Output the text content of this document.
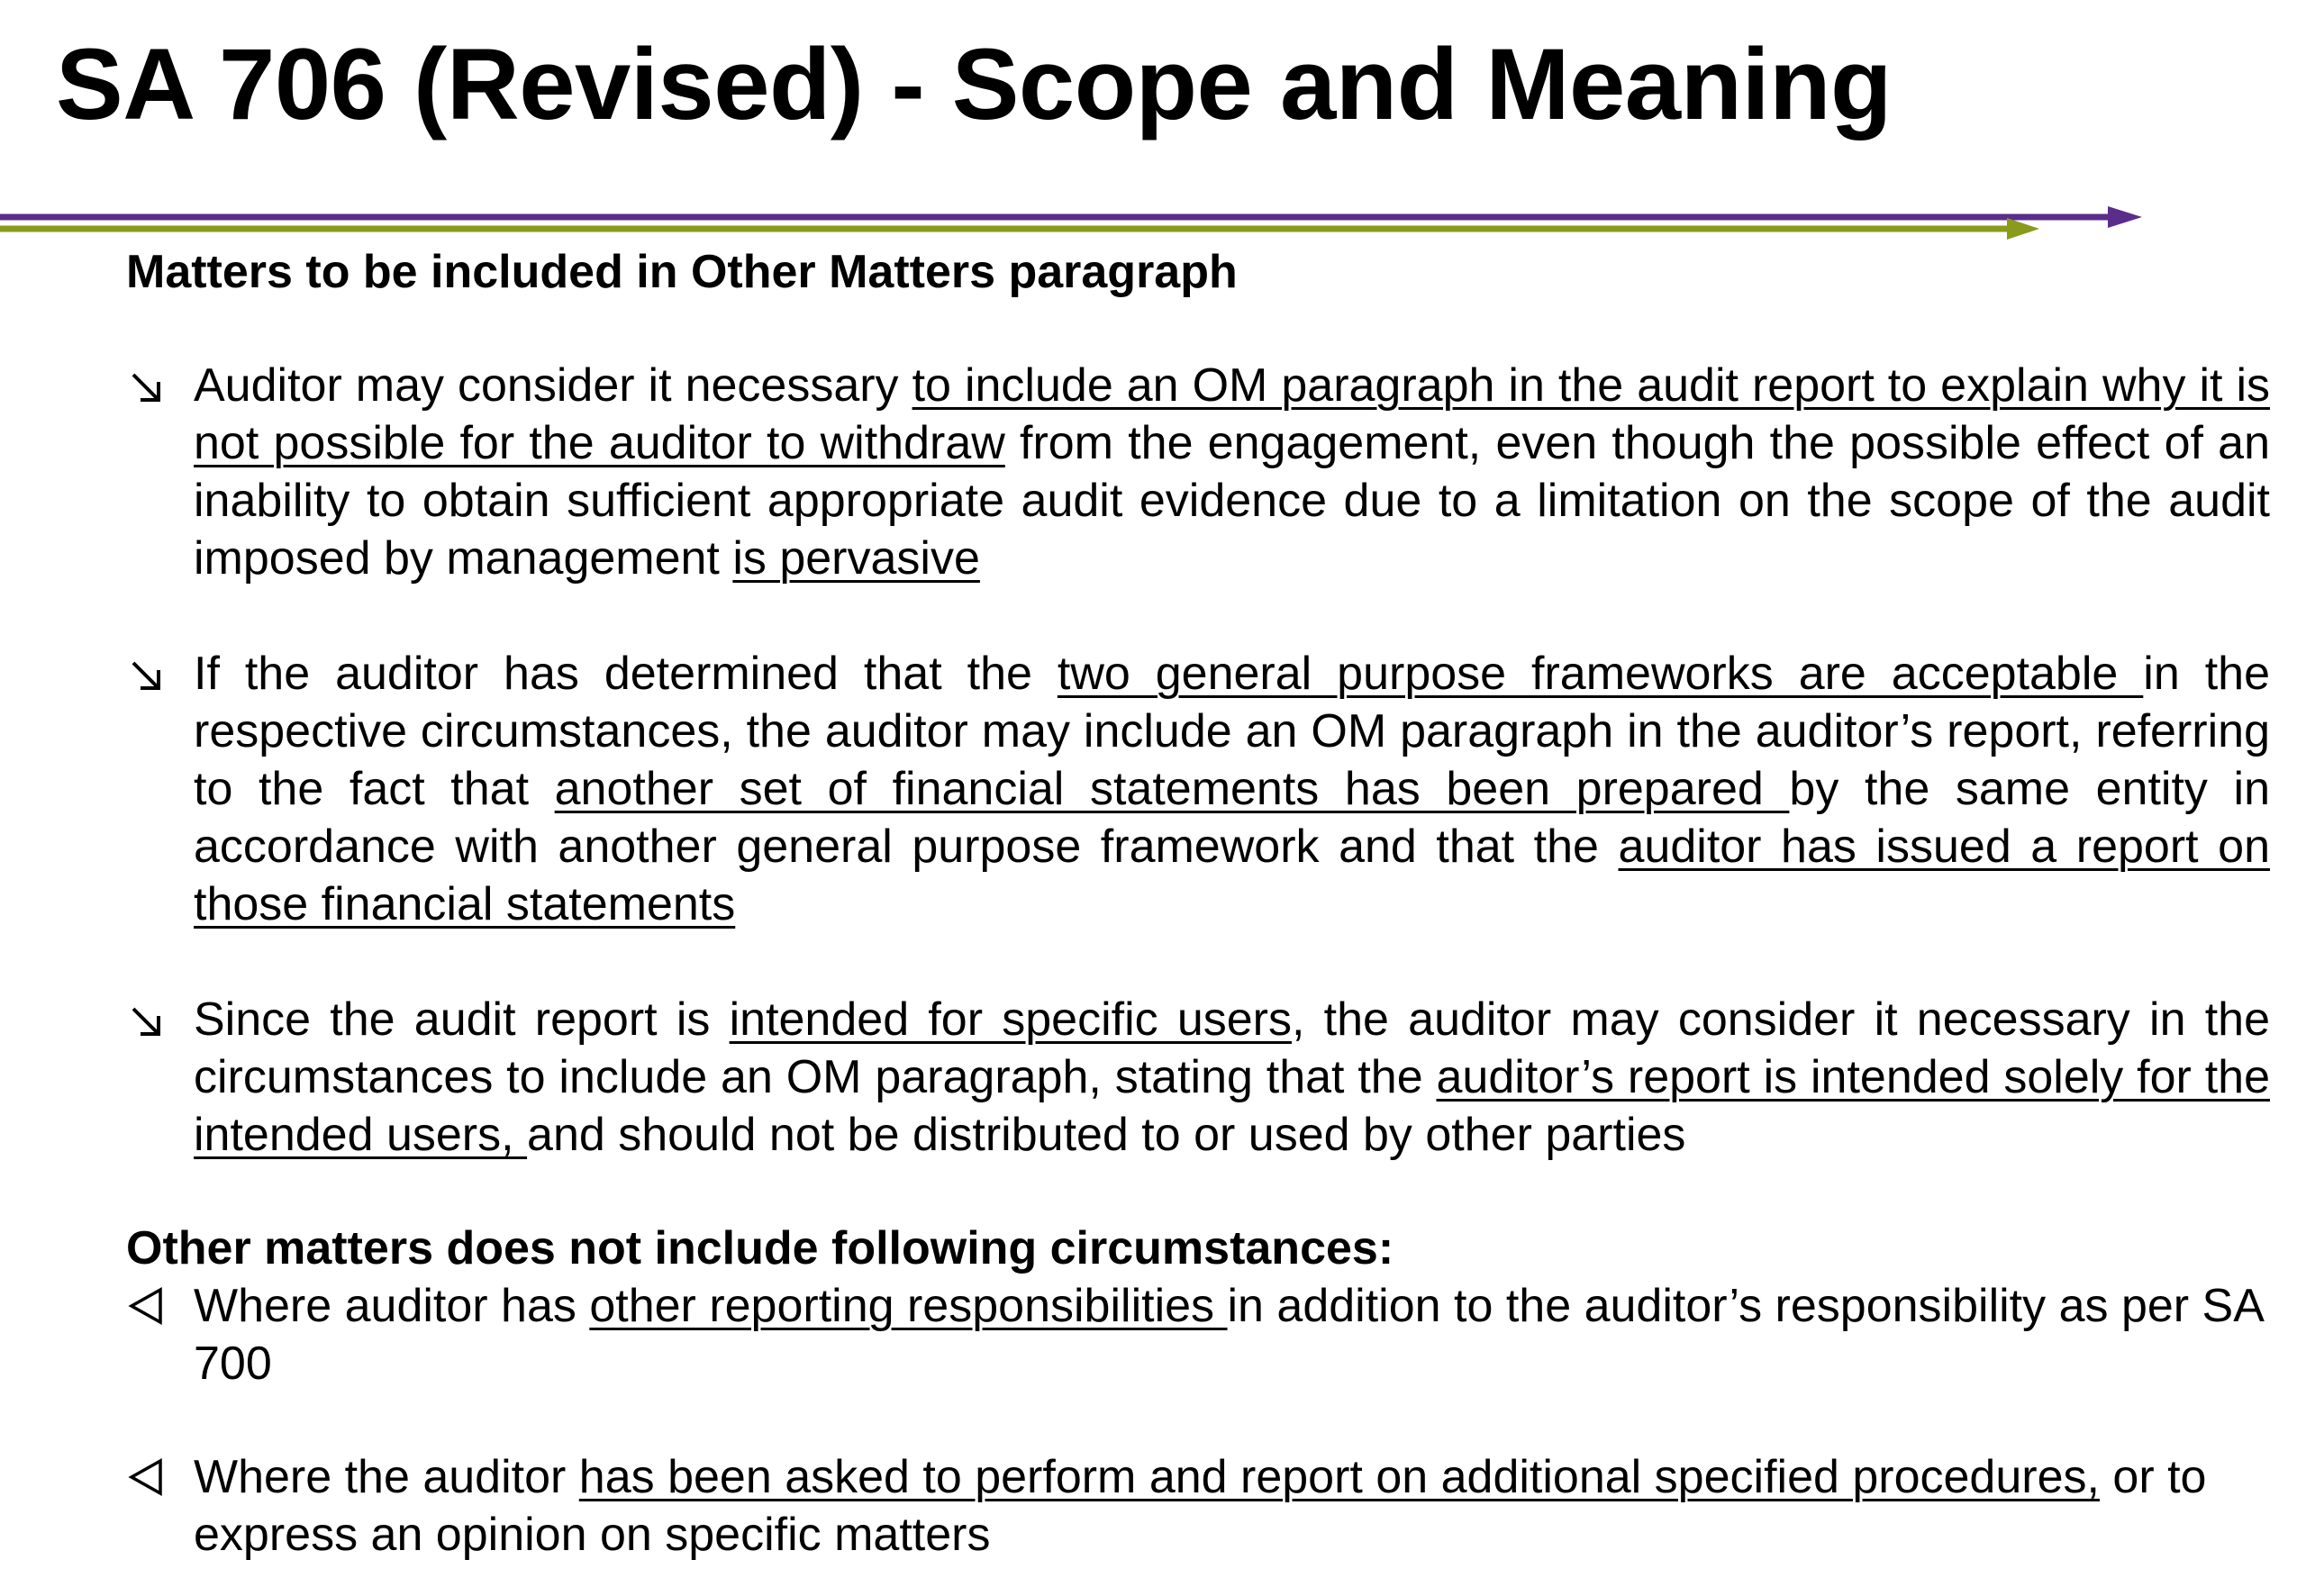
SA 706 (Revised) - Scope and Meaning

Matters to be included in Other Matters paragraph

Auditor may consider it necessary to include an OM paragraph in the audit report to explain why it is not possible for the auditor to withdraw from the engagement, even though the possible effect of an inability to obtain sufficient appropriate audit evidence due to a limitation on the scope of the audit imposed by management is pervasive
If the auditor has determined that the two general purpose frameworks are acceptable in the respective circumstances, the auditor may include an OM paragraph in the auditor’s report, referring to the fact that another set of financial statements has been prepared by the same entity in accordance with another general purpose framework and that the auditor has issued a report on those financial statements
Since the audit report is intended for specific users, the auditor may consider it necessary in the circumstances to include an OM paragraph, stating that the auditor’s report is intended solely for the intended users, and should not be distributed to or used by other parties

Other matters does not include following circumstances:

Where auditor has other reporting responsibilities in addition to the auditor’s responsibility as per SA 700
Where the auditor has been asked to perform and report on additional specified procedures, or to express an opinion on specific matters
